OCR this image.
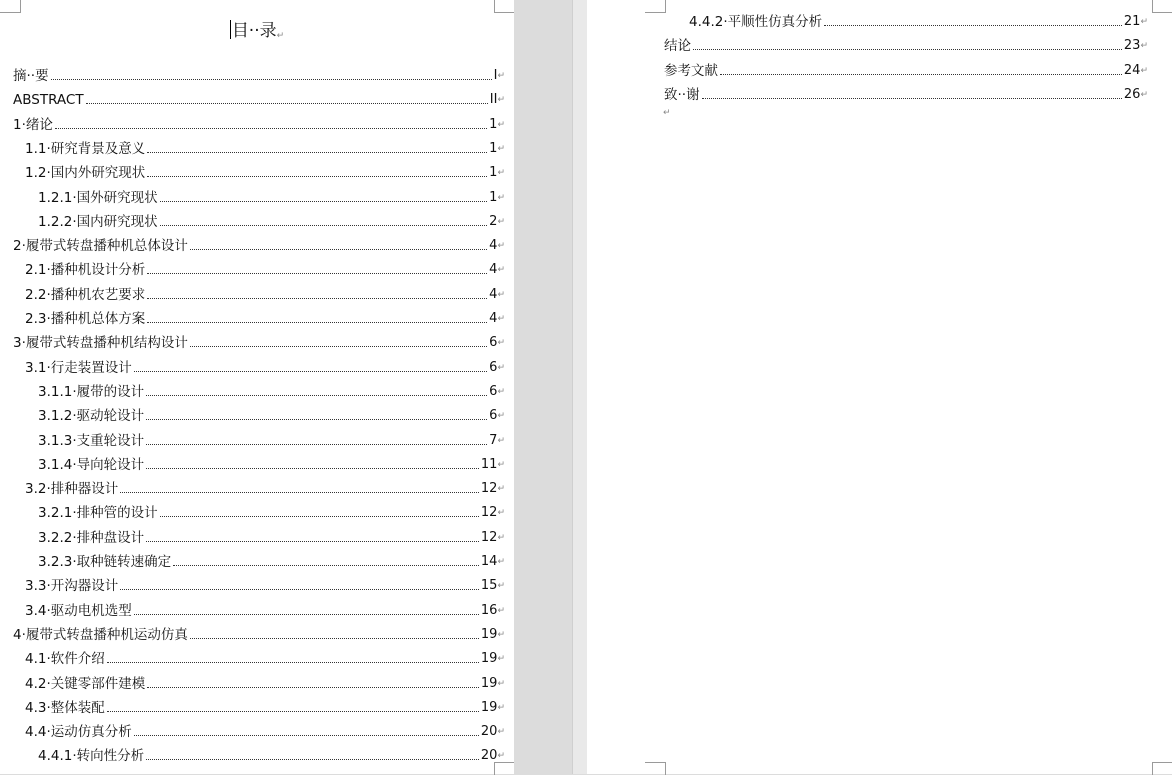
目··录↵
摘··要	I ↵
ABSTRACT	II ↵
1·绪论	1 ↵
1.1·研究背景及意义	1 ↵
1.2·国内外研究现状	1 ↵
1.2.1·国外研究现状	1 ↵
1.2.2·国内研究现状	2 ↵
2·履带式转盘播种机总体设计	4 ↵
2.1·播种机设计分析	4 ↵
2.2·播种机农艺要求	4 ↵
2.3·播种机总体方案	4 ↵
3·履带式转盘播种机结构设计	6 ↵
3.1·行走装置设计	6 ↵
3.1.1·履带的设计	6 ↵
3.1.2·驱动轮设计	6 ↵
3.1.3·支重轮设计	7 ↵
3.1.4·导向轮设计	11 ↵
3.2·排种器设计	12 ↵
3.2.1·排种管的设计	12 ↵
3.2.2·排种盘设计	12 ↵
3.2.3·取种链转速确定	14 ↵
3.3·开沟器设计	15 ↵
3.4·驱动电机选型	16 ↵
4·履带式转盘播种机运动仿真	19 ↵
4.1·软件介绍	19 ↵
4.2·关键零部件建模	19 ↵
4.3·整体装配	19 ↵
4.4·运动仿真分析	20 ↵
4.4.1·转向性分析	20 ↵
4.4.2·平顺性仿真分析	21 ↵
结论	23 ↵
参考文献	24 ↵
致··谢	26 ↵
↵
